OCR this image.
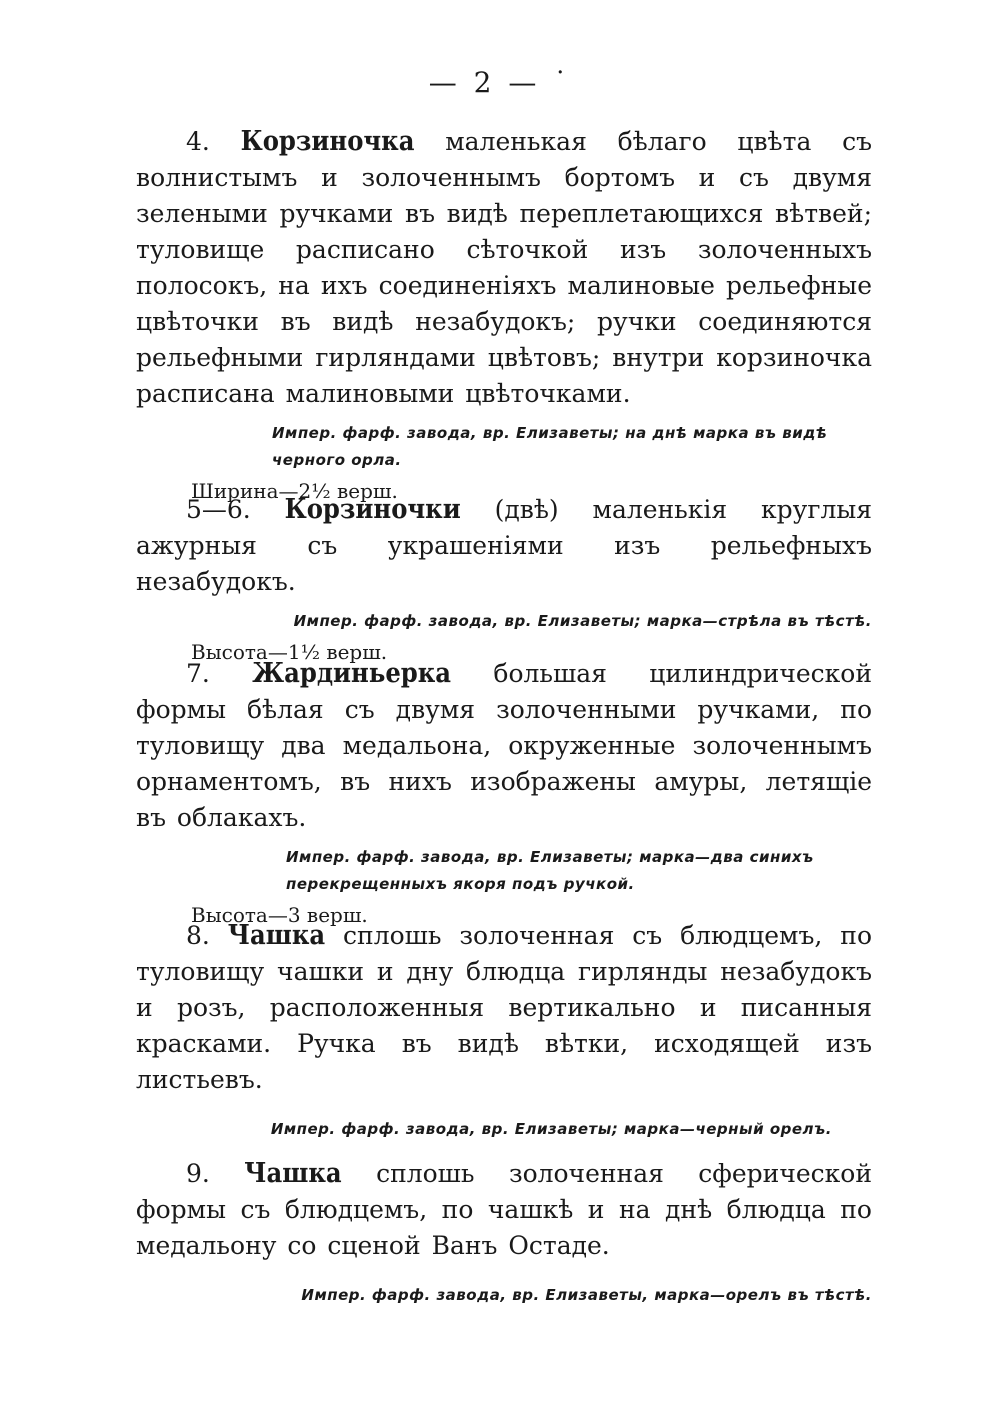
— 2 — ˙

4. Корзиночка маленькая бѣлаго цвѣта съ волнистымъ и золоченнымъ бортомъ и съ двумя зелеными ручками въ видѣ переплетающихся вѣтвей; туловище расписано сѣточкой изъ золоченныхъ полосокъ, на ихъ соединеніяхъ малиновые рельефные цвѣточки въ видѣ незабудокъ; ручки соединяются рельефными гирляндами цвѣтовъ; внутри корзиночка расписана малиновыми цвѣточками.

Импер. фарф. завода, вр. Елизаветы; на днѣ марка въ видѣ черного орла.

Ширина—2½ верш.

5—6. Корзиночки (двѣ) маленькія круглыя ажурныя съ украшеніями изъ рельефныхъ незабудокъ.

Импер. фарф. завода, вр. Елизаветы; марка—стрѣла въ тѣстѣ.

Высота—1½ верш.

7. Жардиньерка большая цилиндрической формы бѣлая съ двумя золоченными ручками, по туловищу два медальона, окруженные золоченнымъ орнаментомъ, въ нихъ изображены амуры, летящіе въ облакахъ.

Импер. фарф. завода, вр. Елизаветы; марка—два синихъ перекрещенныхъ якоря подъ ручкой.

Высота—3 верш.

8. Чашка сплошь золоченная съ блюдцемъ, по туловищу чашки и дну блюдца гирлянды незабудокъ и розъ, расположенныя вертикально и писанныя красками. Ручка въ видѣ вѣтки, исходящей изъ листьевъ.

Импер. фарф. завода, вр. Елизаветы; марка—черный орелъ.

9. Чашка сплошь золоченная сферической формы съ блюдцемъ, по чашкѣ и на днѣ блюдца по медальону со сценой Ванъ Остаде.

Импер. фарф. завода, вр. Елизаветы, марка—орелъ въ тѣстѣ.
